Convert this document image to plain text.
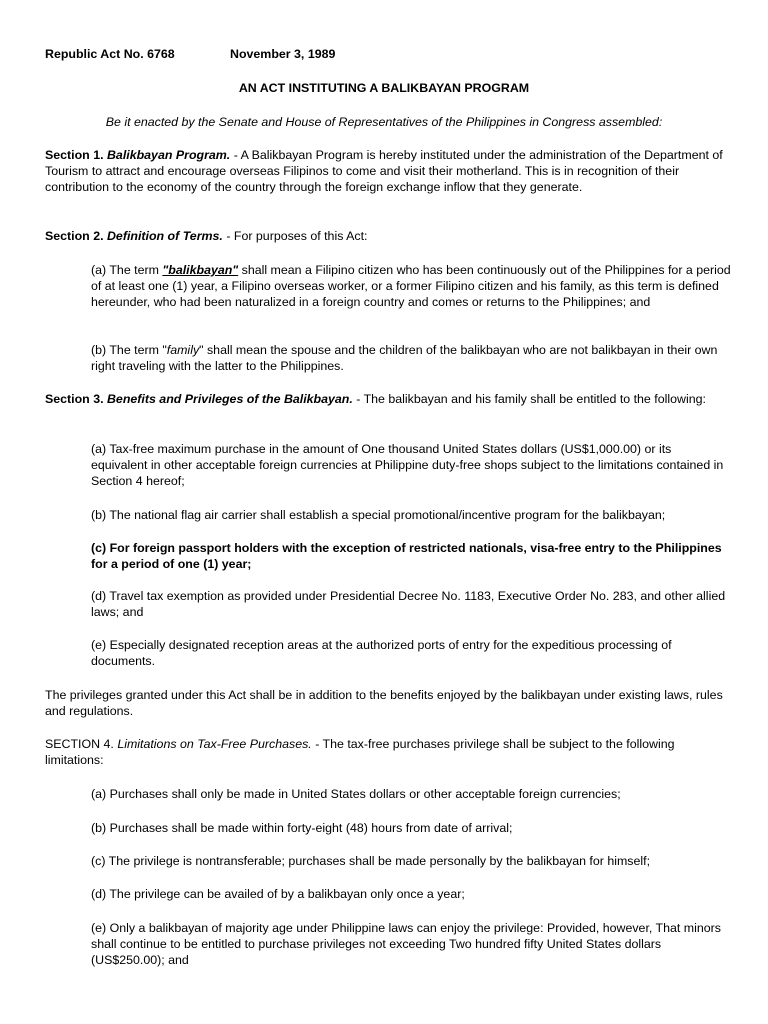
Republic Act No. 6768	November 3, 1989

AN ACT INSTITUTING A BALIKBAYAN PROGRAM

Be it enacted by the Senate and House of Representatives of the Philippines in Congress assembled:

Section 1. Balikbayan Program. - A Balikbayan Program is hereby instituted under the administration of the Department of Tourism to attract and encourage overseas Filipinos to come and visit their motherland. This is in recognition of their contribution to the economy of the country through the foreign exchange inflow that they generate.

Section 2. Definition of Terms. - For purposes of this Act:

(a) The term "balikbayan" shall mean a Filipino citizen who has been continuously out of the Philippines for a period of at least one (1) year, a Filipino overseas worker, or a former Filipino citizen and his family, as this term is defined hereunder, who had been naturalized in a foreign country and comes or returns to the Philippines; and

(b) The term "family" shall mean the spouse and the children of the balikbayan who are not balikbayan in their own right traveling with the latter to the Philippines.

Section 3. Benefits and Privileges of the Balikbayan. - The balikbayan and his family shall be entitled to the following:

(a) Tax-free maximum purchase in the amount of One thousand United States dollars (US$1,000.00) or its equivalent in other acceptable foreign currencies at Philippine duty-free shops subject to the limitations contained in Section 4 hereof;

(b) The national flag air carrier shall establish a special promotional/incentive program for the balikbayan;

(c) For foreign passport holders with the exception of restricted nationals, visa-free entry to the Philippines for a period of one (1) year;

(d) Travel tax exemption as provided under Presidential Decree No. 1183, Executive Order No. 283, and other allied laws; and

(e) Especially designated reception areas at the authorized ports of entry for the expeditious processing of documents.

The privileges granted under this Act shall be in addition to the benefits enjoyed by the balikbayan under existing laws, rules and regulations.

SECTION 4. Limitations on Tax-Free Purchases. - The tax-free purchases privilege shall be subject to the following limitations:

(a) Purchases shall only be made in United States dollars or other acceptable foreign currencies;

(b) Purchases shall be made within forty-eight (48) hours from date of arrival;

(c) The privilege is nontransferable; purchases shall be made personally by the balikbayan for himself;

(d) The privilege can be availed of by a balikbayan only once a year;

(e) Only a balikbayan of majority age under Philippine laws can enjoy the privilege: Provided, however, That minors shall continue to be entitled to purchase privileges not exceeding Two hundred fifty United States dollars (US$250.00); and
